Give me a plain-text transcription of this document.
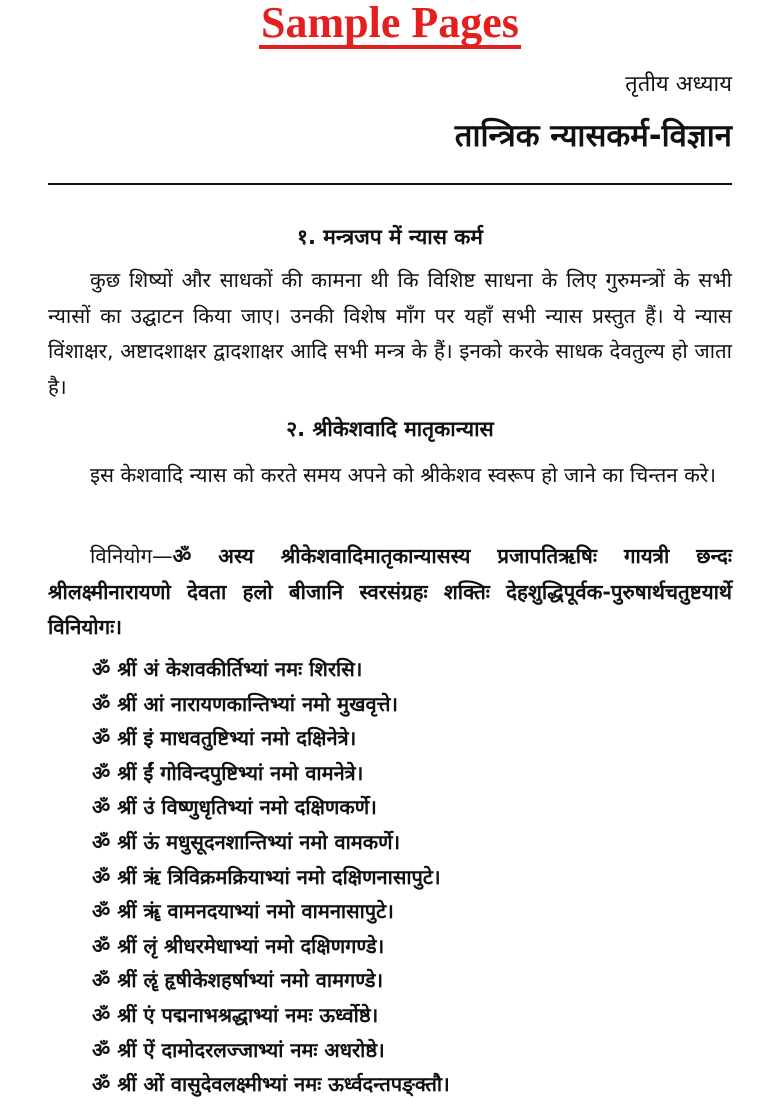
Sample Pages
तृतीय अध्याय
तान्त्रिक न्यासकर्म-विज्ञान
१. मन्त्रजप में न्यास कर्म

कुछ शिष्यों और साधकों की कामना थी कि विशिष्ट साधना के लिए गुरुमन्त्रों के सभी न्यासों का उद्घाटन किया जाए। उनकी विशेष माँग पर यहाँ सभी न्यास प्रस्तुत हैं। ये न्यास विंशाक्षर, अष्टादशाक्षर द्वादशाक्षर आदि सभी मन्त्र के हैं। इनको करके साधक देवतुल्य हो जाता है।

२. श्रीकेशवादि मातृकान्यास

इस केशवादि न्यास को करते समय अपने को श्रीकेशव स्वरूप हो जाने का चिन्तन करे।

विनियोग—ॐ अस्य श्रीकेशवादिमातृकान्यासस्य प्रजापतिऋषिः गायत्री छन्दः श्रीलक्ष्मीनारायणो देवता हलो बीजानि स्वरसंग्रहः शक्तिः देहशुद्धिपूर्वक-पुरुषार्थचतुष्टयार्थे विनियोगः।

ॐ श्रीं अं केशवकीर्तिभ्यां नमः शिरसि।
ॐ श्रीं आं नारायणकान्तिभ्यां नमो मुखवृत्ते।
ॐ श्रीं इं माधवतुष्टिभ्यां नमो दक्षिनेत्रे।
ॐ श्रीं ईं गोविन्दपुष्टिभ्यां नमो वामनेत्रे।
ॐ श्रीं उं विष्णुधृतिभ्यां नमो दक्षिणकर्णे।
ॐ श्रीं ऊं मधुसूदनशान्तिभ्यां नमो वामकर्णे।
ॐ श्रीं ऋं त्रिविक्रमक्रियाभ्यां नमो दक्षिणनासापुटे।
ॐ श्रीं ॠं वामनदयाभ्यां नमो वामनासापुटे।
ॐ श्रीं लृं श्रीधरमेधाभ्यां नमो दक्षिणगण्डे।
ॐ श्रीं ॡं हृषीकेशहर्षाभ्यां नमो वामगण्डे।
ॐ श्रीं एं पद्मनाभश्रद्धाभ्यां नमः ऊर्ध्वोष्ठे।
ॐ श्रीं ऐं दामोदरलज्जाभ्यां नमः अधरोष्ठे।
ॐ श्रीं ओं वासुदेवलक्ष्मीभ्यां नमः ऊर्ध्वदन्तपङ्क्तौ।
